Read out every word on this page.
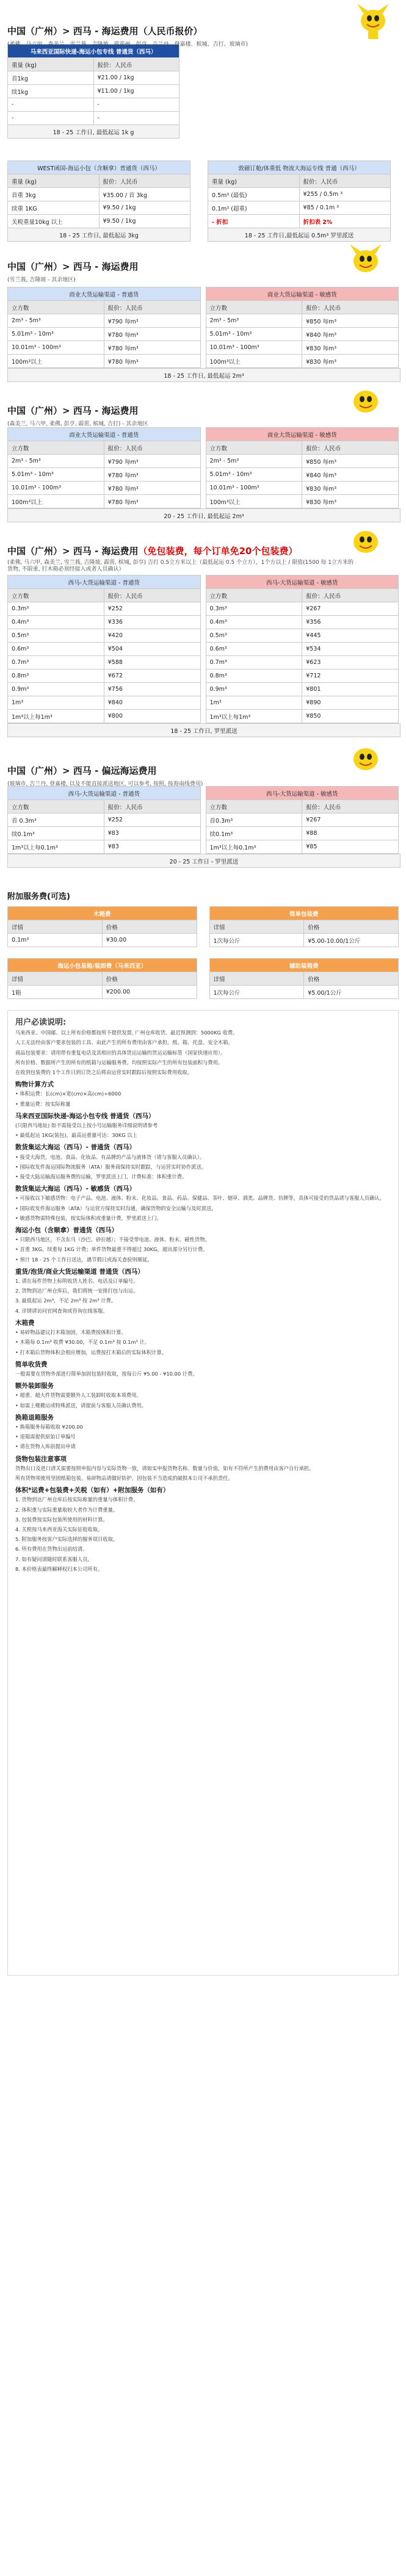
中国（广州）> 西马 - 海运费用（人民币报价）
(柔佛、马六甲、森美兰、雪兰莪、吉隆坡、霹雳州、彭亨、吉兰丹、登嘉楼、槟城、吉打、玻璃市)
马来西亚国际快递-海运小包专线 普通货（西马）	
重量 (kg)	报价：人民币
首1kg	¥21.00 / 1kg
续1kg	¥11.00 / 1kg
-	-
-	-
18 - 25 工作日, 最低起运 1k g	
WEST函国-海运小包（含顺拿）普通货（西马）	
重量 (kg)	报价：人民币
首重 3kg	¥35.00 / 首 3kg
续重 1KG	¥9.50 / 1kg
关税重量10kg 以上	¥9.50 / 1kg
18 - 25 工作日, 最低起运 3kg	
敦磁订舱/体重低 物流大海运专线 普通（西马）	
重量 (kg)	报价：人民币
0.5m³ (最低)	¥255 / 0.5m ³
0.1m³ (超重)	¥85 / 0.1m ³
- 折扣	折扣表 2%
18 - 25 工作日,最低起运 0.5m³ 罗里派送	
中国（广州）> 西马 - 海运费用
(雪兰莪, 吉隆坡 - 其余地区)
商业大货运输渠道 - 普通货	
立方数	报价：人民币
2m³ - 5m³	¥790 每m³
5.01m³ - 10m³	¥780 每m³
10.01m³ - 100m³	¥780 每m³
100m³以上	¥780 每m³
商业大货运输渠道 - 敏感货	
立方数	报价：人民币
2m³ - 5m³	¥850 每m³
5.01m³ - 10m³	¥840 每m³
10.01m³ - 100m³	¥830 每m³
100m³以上	¥830 每m³
18 - 25 工作日, 最低起运 2m³
中国（广州）> 西马 - 海运费用
(森美兰, 马六甲, 柔佛, 彭亨, 霹雳, 槟城, 吉打) - 其余地区
商业大货运输渠道 - 普通货	
立方数	报价：人民币
2m³ - 5m³	¥790 每m³
5.01m³ - 10m³	¥780 每m³
10.01m³ - 100m³	¥780 每m³
100m³以上	¥780 每m³
商业大货运输渠道 - 敏感货	
立方数	报价：人民币
2m³ - 5m³	¥850 每m³
5.01m³ - 10m³	¥840 每m³
10.01m³ - 100m³	¥830 每m³
100m³以上	¥830 每m³
20 - 25 工作日, 最低起运 2m³
中国（广州）> 西马 - 海运费用（免包装费，每个订单免20个包装费）
(柔佛, 马六甲, 森美兰, 雪兰莪, 吉隆坡, 霹雳, 槟城, 彭亨) 吉打 0.5立方米以上（最低起运 0.5 个立方），1个方以上 / 限值(1500 每 1立方米的货物, 不限重, 打木箱必须经接入或者人员确认）
西马-大货运输渠道 - 普通货	
立方数	报价：人民币
0.3m³	¥252
0.4m³	¥336
0.5m³	¥420
0.6m³	¥504
0.7m³	¥588
0.8m³	¥672
0.9m³	¥756
1m³	¥840
1m³以上每1m³	¥800
西马-大货运输渠道 - 敏感货	
立方数	报价：人民币
0.3m³	¥267
0.4m³	¥356
0.5m³	¥445
0.6m³	¥534
0.7m³	¥623
0.8m³	¥712
0.9m³	¥801
1m³	¥890
1m³以上每1m³	¥850
18 - 25 工作日, 罗里派送
中国（广州）> 西马 - 偏远海运费用
(玻璃市, 吉兰丹, 登嘉楼, 以及不能直接派送地区, 可以参考, 按照, 按海南线费用)
西马-大货运输渠道 - 普通货	
立方数	报价：人民币
首 0.3m³	¥252
续0.1m³	¥83
1m³以上每0.1m³	¥83
西马-大货运输渠道 - 敏感货	
立方数	报价：人民币
首0.3m³	¥267
续0.1m³	¥88
1m³以上每0.1m³	¥85
20 - 25 工作日 - 罗里派送
附加服务费(可选)
木箱费	
详情	价格
0.1m³	¥30.00
简单包装费	
详情	价格
1次每公斤	¥5.00-10.00/1公斤
海运小包易箱/装卸费（马来西亚）	
详情	价格
1箱	¥200.00
辅助装箱费	
详情	价格
1次每公斤	¥5.00/1公斤
用户必读说明:

马来西亚、中国邮、以上所有价格都按所不提供发票, 广州仓库收货、最迟预测到：5000KG 收费。

人工无法经由客户要求包装的工具、由此产生的所有费用由客户承担。纸、箱、托盘、安全木箱。

商品包装要求：请用带有重复电话及其相应的具体货运运输的货运运输标签（国家快递应用）。

所有价格、数据所产生的所有的纸箱与运输服务费。均按照实际产生的所有包装面积与费用。

在收到包装费的 1个工作日到订货之后将由运营实时跟踪后按照实际费用收取。

购物计算方式

• 体积运费：长(cm)×宽(cm)×高(cm)÷6000

• 重量运费：按实际称量

马来西亚国际快递-海运小包专线 普通货（西马）

(只限西马地址) 如不需接受以上按小号运输服务详细说明请参考

• 最低起运 1KG(装包)，最高运重量可达：30KG 以上

散货集运大海运（西马）- 普通货（西马）

• 接受大海货，电池、食品、化妆品、有品牌的产品与液体货（请与客服人员确认）。

• 国际收发件海运国际物流服务（ATA）服务商保持实时跟踪，与运营实时协作派送。

• 接受大陆运输海运服务费的运输，罗里派送上门，计费标准：体积重计费。

散货集运大海运（西马）- 敏感货（西马）

• 可接收以下敏感货物：电子产品、电池、液体、粉末、化妆品、食品、药品、保健品、茶叶、烟草、酒类、品牌货、仿牌等，具体可接受的货品请与客服人员确认。

• 国际收发件海运服务（ATA）与运营方保持实时沟通，确保货物的安全运输与及时派送。

• 敏感货物需特殊包装，按实际体积或重量计费，罗里派送上门。

海运小包（含顺拿）普通货（西马）

• 只限西马地区，不含东马（沙巴、砂拉越）；不接受带电池、液体、粉末、磁性货物。

• 首重 3KG，续重每 1KG 计费；单件货物最重不得超过 30KG，超出部分另行计费。

• 预计 18 - 25 个工作日送达，遇节假日或海关查验则顺延。

重货/泡货/商业大货运输渠道 普通货（西马）

1. 请在每件货物上标明收货人姓名、电话及订单编号。

2. 货物到达广州仓库后，我们将统一安排打包与出运。

3. 最低起运 2m³，不足 2m³ 按 2m³ 计费。

4. 详情请访问官网查询或咨询在线客服。

木箱费

• 易碎物品建议打木箱加固，木箱费按体积计算。

• 木箱每 0.1m³ 收费 ¥30.00，不足 0.1m³ 按 0.1m³ 计。

• 打木箱后货物体积会相应增加，运费按打木箱后的实际体积计算。

简单收货费

一般需要在货物外部进行简单加固包装时收取，按每公斤 ¥5.00 - ¥10.00 计费。

额外装卸服务

• 超重、超大件货物需要额外人工装卸时收取本项费用。

• 如需上楼搬运或特殊派送，请提前与客服人员确认费用。

换箱退箱服务

• 换箱服务每箱收取 ¥200.00

• 退箱需提供原始订单编号

• 请在货物入库前提出申请

货物包装注意事项

货物出口及进口清关需要按照申报内容与实际货物一致，请如实申报货物名称、数量与价值，如有不符所产生的费用由客户自行承担。

所有货物须使用坚固纸箱包装，易碎物品请做好防护，因包装不当造成的破损本公司不承担责任。

体积*运费+包装费+关税（如有）+附加服务（如有）

1. 货物到达广州仓库后按实际称量的重量与体积计费。

2. 体积重与实际重量取较大者作为计费重量。

3. 包装费按实际包装所使用的材料计算。

4. 关税按马来西亚海关实际征收收取。

5. 附加服务按客户实际选择的服务项目收取。

6. 所有费用在货物出运前结清。

7. 如有疑问请随时联系客服人员。

8. 本价格表最终解释权归本公司所有。
